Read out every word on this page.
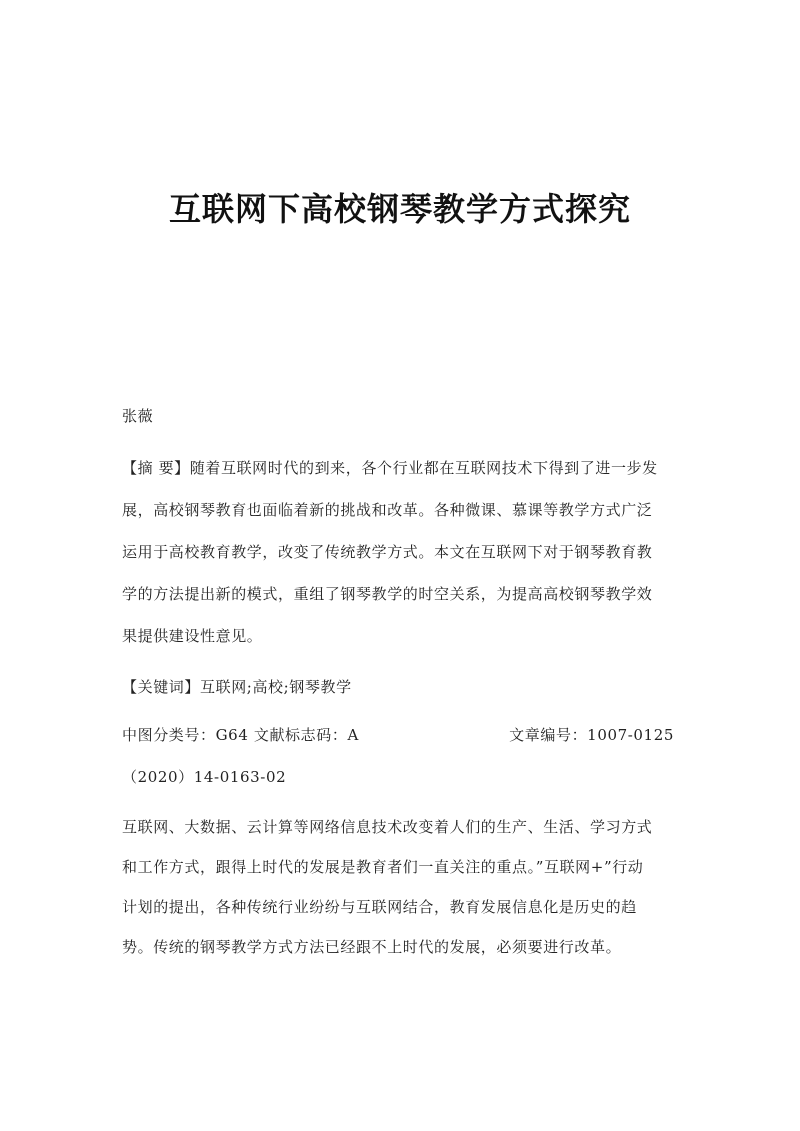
互联网下高校钢琴教学方式探究
张薇
【摘 要】随着互联网时代的到来，各个行业都在互联网技术下得到了进一步发
展，高校钢琴教育也面临着新的挑战和改革。各种微课、慕课等教学方式广泛
运用于高校教育教学，改变了传统教学方式。本文在互联网下对于钢琴教育教
学的方法提出新的模式，重组了钢琴教学的时空关系，为提高高校钢琴教学效
果提供建设性意见。
【关键词】互联网;高校;钢琴教学
中图分类号：G64 文献标志码：A	文章编号：1007-0125
（2020）14-0163-02
互联网、大数据、云计算等网络信息技术改变着人们的生产、生活、学习方式
和工作方式，跟得上时代的发展是教育者们一直关注的重点。”互联网+”行动
计划的提出，各种传统行业纷纷与互联网结合，教育发展信息化是历史的趋
势。传统的钢琴教学方式方法已经跟不上时代的发展，必须要进行改革。
